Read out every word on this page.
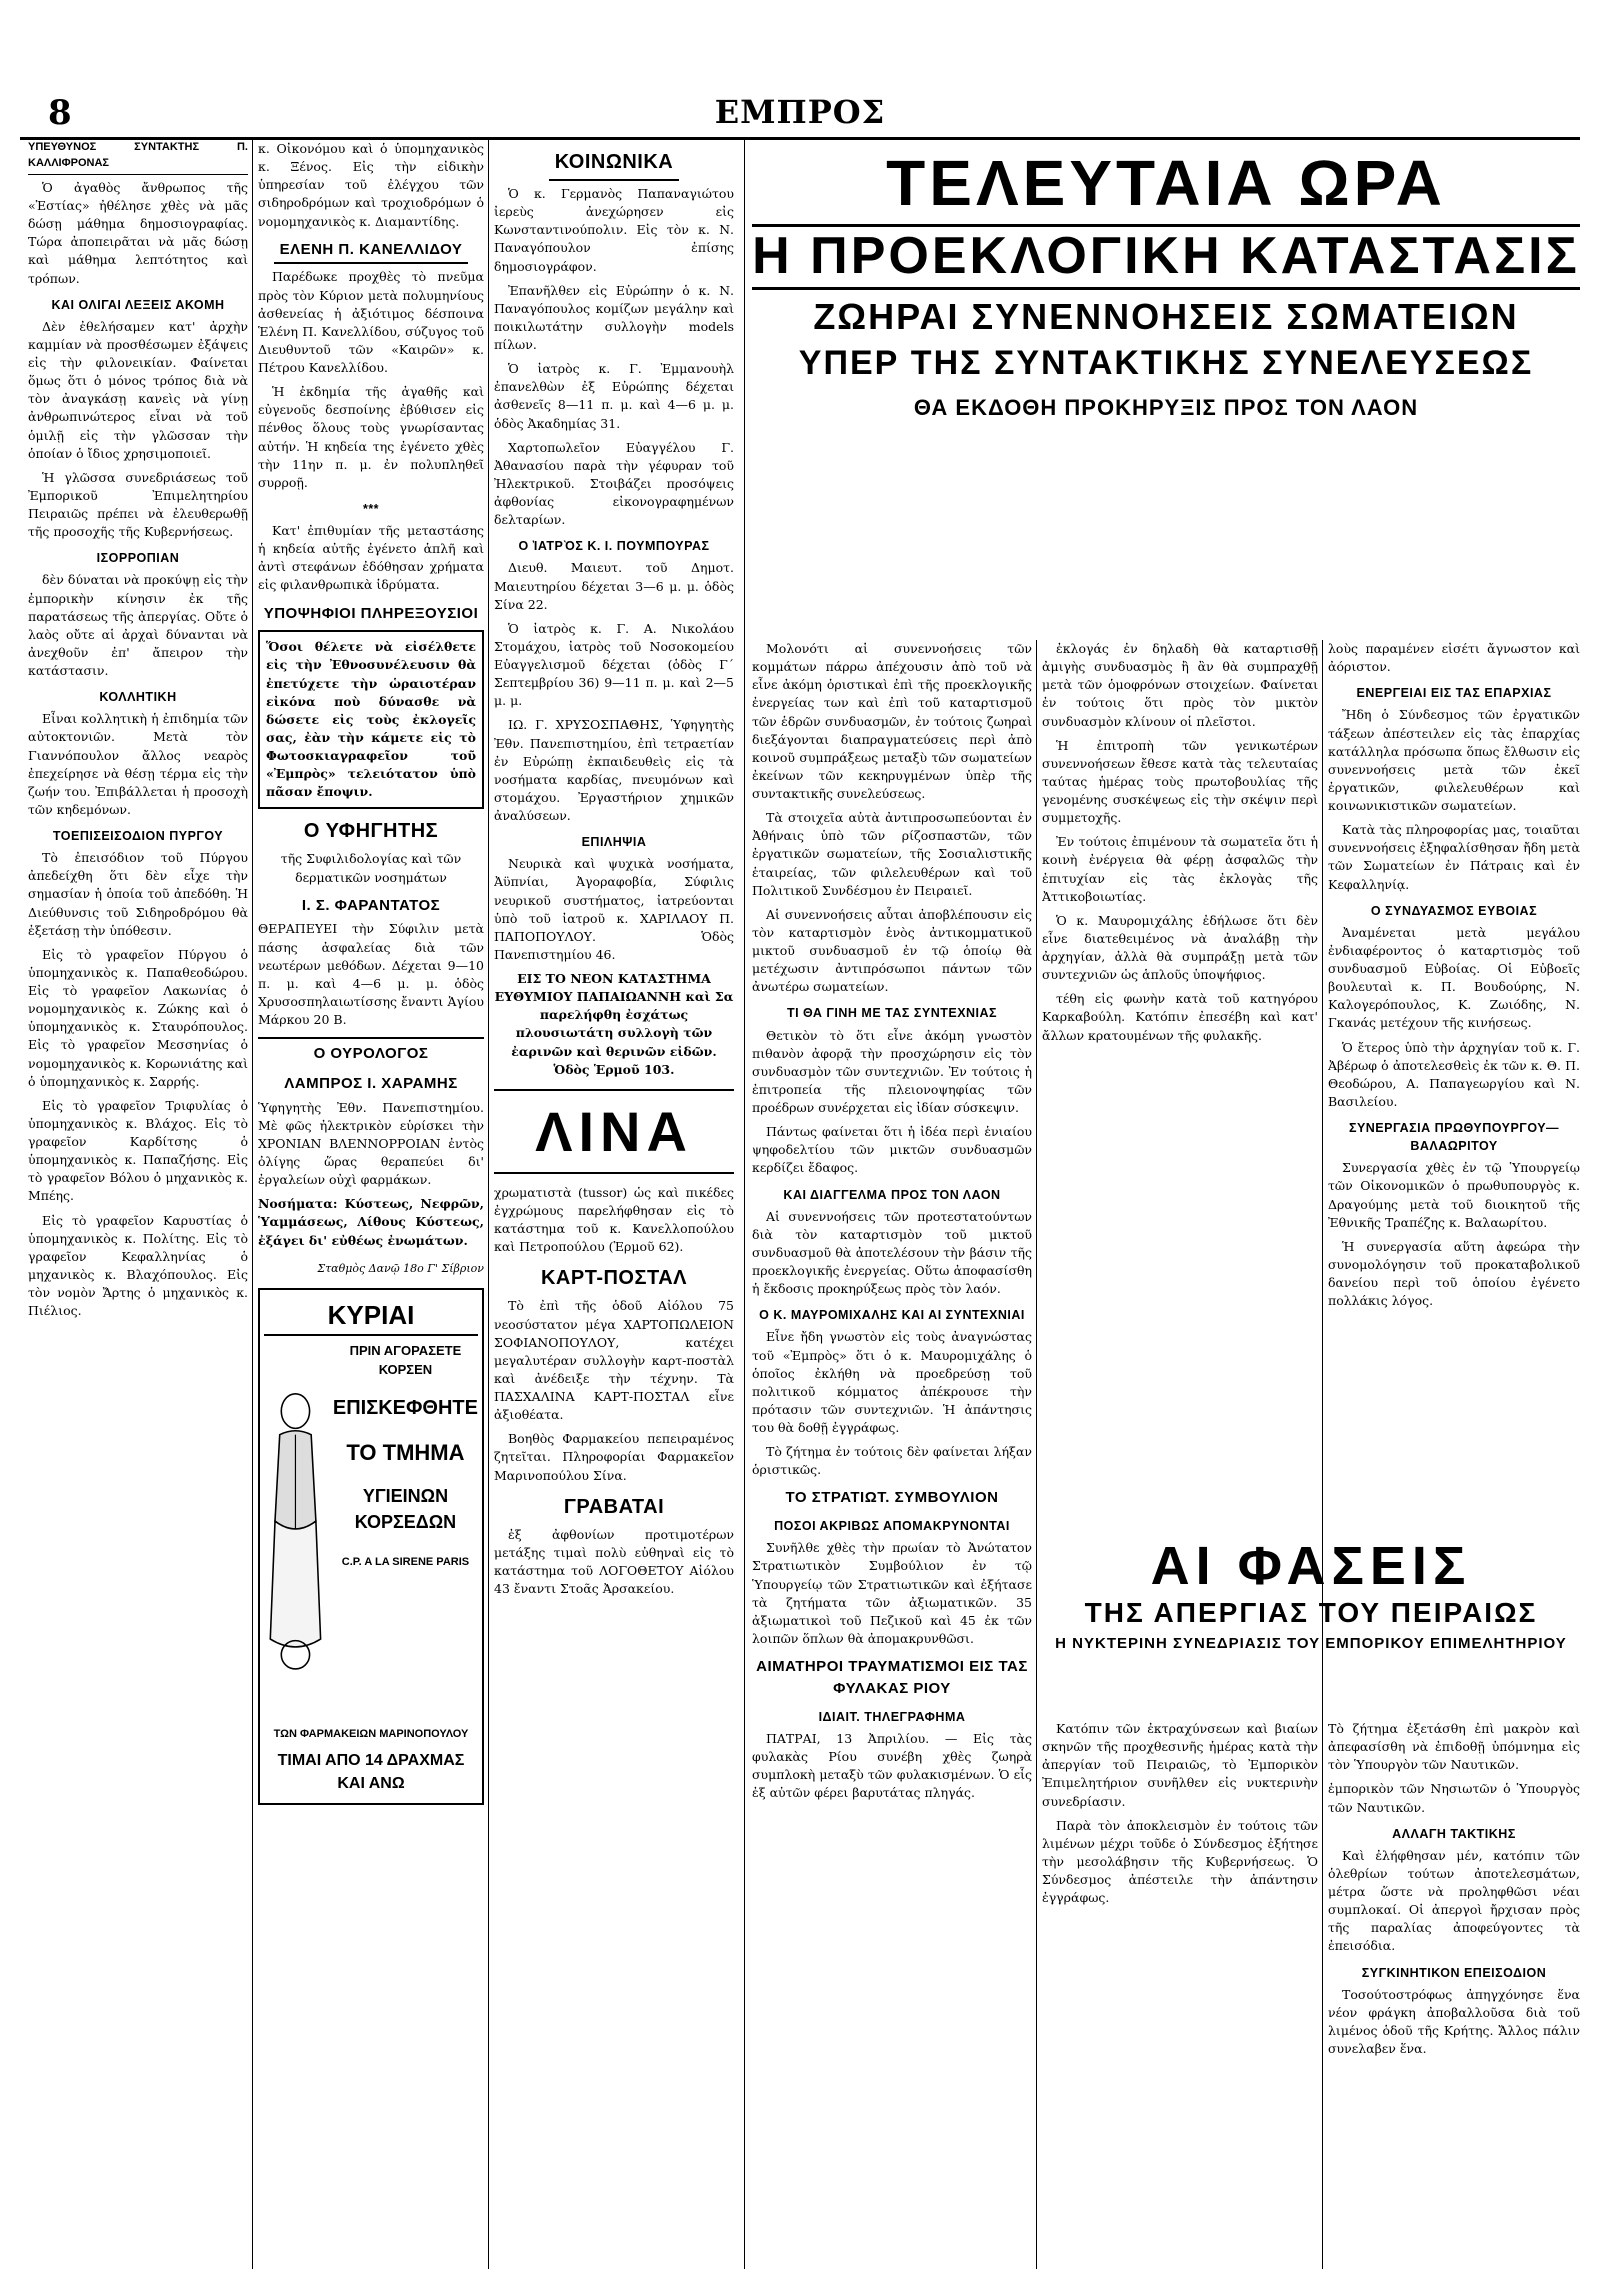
8	ΕΜΠΡΟΣ
ΥΠΕΥΘΥΝΟΣ ΣΥΝΤΑΚΤΗΣ Π. ΚΑΛΛΙΦΡΟΝΑΣ

Ὁ ἀγαθὸς ἄνθρωπος τῆς «Ἑστίας» ἠθέλησε χθὲς νὰ μᾶς δώσῃ μάθημα δημοσιογραφίας. Τώρα ἀποπειρᾶται νὰ μᾶς δώσῃ καὶ μάθημα λεπτότητος καὶ τρόπων.

ΚΑΙ ΟΛΙΓΑΙ ΛΕΞΕΙΣ ΑΚΟΜΗ

Δὲν ἐθελήσαμεν κατ' ἀρχὴν καμμίαν νὰ προσθέσωμεν ἐξάψεις εἰς τὴν φιλονεικίαν. Φαίνεται ὅμως ὅτι ὁ μόνος τρόπος διὰ νὰ τὸν ἀναγκάσῃ κανεὶς νὰ γίνῃ ἀνθρωπινώτερος εἶναι νὰ τοῦ ὁμιλῇ εἰς τὴν γλῶσσαν τὴν ὁποίαν ὁ ἴδιος χρησιμοποιεῖ.

Ἡ γλῶσσα συνεδριάσεως τοῦ Ἐμπορικοῦ Ἐπιμελητηρίου Πειραιῶς πρέπει νὰ ἐλευθερωθῇ τῆς προσοχῆς τῆς Κυβερνήσεως.

ΙΣΟΡΡΟΠΙΑΝ

δὲν δύναται νὰ προκύψῃ εἰς τὴν ἐμπορικὴν κίνησιν ἐκ τῆς παρατάσεως τῆς ἀπεργίας. Οὔτε ὁ λαὸς οὔτε αἱ ἀρχαὶ δύνανται νὰ ἀνεχθοῦν ἐπ' ἄπειρον τὴν κατάστασιν.

ΚΟΛΛΗΤΙΚΗ

Εἶναι κολλητικὴ ἡ ἐπιδημία τῶν αὐτοκτονιῶν. Μετὰ τὸν Γιαννόπουλον ἄλλος νεαρὸς ἐπεχείρησε νὰ θέσῃ τέρμα εἰς τὴν ζωήν του. Ἐπιβάλλεται ἡ προσοχὴ τῶν κηδεμόνων.

ΤΟΕΠΙΣΕΙΣΟΔΙΟΝ ΠΥΡΓΟΥ

Τὸ ἐπεισόδιον τοῦ Πύργου ἀπεδείχθη ὅτι δὲν εἶχε τὴν σημασίαν ἡ ὁποία τοῦ ἀπεδόθη. Ἡ Διεύθυνσις τοῦ Σιδηροδρόμου θὰ ἐξετάσῃ τὴν ὑπόθεσιν.

Εἰς τὸ γραφεῖον Πύργου ὁ ὑπομηχανικὸς κ. Παπαθεοδώρου. Εἰς τὸ γραφεῖον Λακωνίας ὁ νομομηχανικὸς κ. Ζώκης καὶ ὁ ὑπομηχανικὸς κ. Σταυρόπουλος. Εἰς τὸ γραφεῖον Μεσσηνίας ὁ νομομηχανικὸς κ. Κορωνιάτης καὶ ὁ ὑπομηχανικὸς κ. Σαρρής.

Εἰς τὸ γραφεῖον Τριφυλίας ὁ ὑπομηχανικὸς κ. Βλάχος. Εἰς τὸ γραφεῖον Καρδίτσης ὁ ὑπομηχανικὸς κ. Παπαζήσης. Εἰς τὸ γραφεῖον Βόλου ὁ μηχανικὸς κ. Μπέης.

Εἰς τὸ γραφεῖον Καρυστίας ὁ ὑπομηχανικὸς κ. Πολίτης. Εἰς τὸ γραφεῖον Κεφαλληνίας ὁ μηχανικὸς κ. Βλαχόπουλος. Εἰς τὸν νομὸν Ἄρτης ὁ μηχανικὸς κ. Πιέλιος.

κ. Οἰκονόμου καὶ ὁ ὑπομηχανικὸς κ. Ξένος. Εἰς τὴν εἰδικὴν ὑπηρεσίαν τοῦ ἐλέγχου τῶν σιδηροδρόμων καὶ τροχιοδρόμων ὁ νομομηχανικὸς κ. Διαμαντίδης.

ΕΛΕΝΗ Π. ΚΑΝΕΛΛΙΔΟΥ

Παρέδωκε προχθὲς τὸ πνεῦμα πρὸς τὸν Κύριον μετὰ πολυμηνίους ἀσθενείας ἡ ἀξιότιμος δέσποινα Ἑλένη Π. Κανελλίδου, σύζυγος τοῦ Διευθυντοῦ τῶν «Καιρῶν» κ. Πέτρου Κανελλίδου.

Ἡ ἐκδημία τῆς ἀγαθῆς καὶ εὐγενοῦς δεσποίνης ἐβύθισεν εἰς πένθος ὅλους τοὺς γνωρίσαντας αὐτήν. Ἡ κηδεία της ἐγένετο χθὲς τὴν 11ην π. μ. ἐν πολυπληθεῖ συρροῇ.

***

Κατ' ἐπιθυμίαν τῆς μεταστάσης ἡ κηδεία αὐτῆς ἐγένετο ἁπλῆ καὶ ἀντὶ στεφάνων ἐδόθησαν χρήματα εἰς φιλανθρωπικὰ ἱδρύματα.

ΥΠΟΨΗΦΙΟΙ ΠΛΗΡΕΞΟΥΣΙΟΙ
Ὅσοι θέλετε νὰ εἰσέλθετε εἰς τὴν Ἐθνοσυνέλευσιν θὰ ἐπετύχετε τὴν ὡραιοτέραν εἰκόνα ποὺ δύνασθε νὰ δώσετε εἰς τοὺς ἐκλογεῖς σας, ἐὰν τὴν κάμετε εἰς τὸ Φωτοσκιαγραφεῖον τοῦ «Ἐμπρὸς» τελειότατον ὑπὸ πᾶσαν ἔποψιν.
Ο ΥΦΗΓΗΤΗΣ

τῆς Συφιλιδολογίας καὶ τῶν δερματικῶν νοσημάτων

Ι. Σ. ΦΑΡΑΝΤΑΤΟΣ

ΘΕΡΑΠΕΥΕΙ τὴν Σύφιλιν μετὰ πάσης ἀσφαλείας διὰ τῶν νεωτέρων μεθόδων. Δέχεται 9—10 π. μ. καὶ 4—6 μ. μ. ὁδὸς Χρυσοσπηλαιωτίσσης ἔναντι Ἁγίου Μάρκου 20 Β.

Ο ΟΥΡΟΛΟΓΟΣ
ΛΑΜΠΡΟΣ Ι. ΧΑΡΑΜΗΣ

Ὑφηγητὴς Ἐθν. Πανεπιστημίου. Μὲ φῶς ἠλεκτρικὸν εὑρίσκει τὴν ΧΡΟΝΙΑΝ ΒΛΕΝΝΟΡΡΟΙΑΝ ἐντὸς ὀλίγης ὥρας θεραπεύει δι' ἐργαλείων οὐχὶ φαρμάκων.

Νοσήματα: Κύστεως, Νεφρῶν, Ὑαμμάσεως, Λίθους Κύστεως, ἐξάγει δι' εὐθέως ἐνωμάτων.

Σταθμὸς Δανῷ 18ο Γ' Σίβριον

ΚΥΡΙΑΙ
ΠΡΙΝ ΑΓΟΡΑΣΕΤΕ ΚΟΡΣΕΝ
ΕΠΙΣΚΕΦΘΗΤΕ
ΤΟ ΤΜΗΜΑ
ΥΓΙΕΙΝΩΝ ΚΟΡΣΕΔΩΝ
C.P. A LA SIRENE PARIS
ΤΩΝ ΦΑΡΜΑΚΕΙΩΝ ΜΑΡΙΝΟΠΟΥΛΟΥ
ΤΙΜΑΙ ΑΠΟ 14 ΔΡΑΧΜΑΣ ΚΑΙ ΑΝΩ
ΚΟΙΝΩΝΙΚΑ

Ὁ κ. Γερμανὸς Παπαναγιώτου ἰερεὺς ἀνεχώρησεν εἰς Κωνσταντινούπολιν. Εἰς τὸν κ. Ν. Παναγόπουλον ἐπίσης δημοσιογράφον.

Ἐπανῆλθεν εἰς Εὐρώπην ὁ κ. Ν. Παναγόπουλος κομίζων μεγάλην καὶ ποικιλωτάτην συλλογὴν models πίλων.

Ὁ ἰατρὸς κ. Γ. Ἐμμανουὴλ ἐπανελθὼν ἐξ Εὐρώπης δέχεται ἀσθενεῖς 8—11 π. μ. καὶ 4—6 μ. μ. ὁδὸς Ἀκαδημίας 31.

Χαρτοπωλεῖον Εὐαγγέλου Γ. Ἀθανασίου παρὰ τὴν γέφυραν τοῦ Ἠλεκτρικοῦ. Στοιβάζει προσόψεις ἀφθονίας εἰκονογραφημένων δελταρίων.

Ο ἸΑΤΡῸΣ Κ. Ι. ΠΟΥΜΠΟΥΡΑΣ

Διευθ. Μαιευτ. τοῦ Δημοτ. Μαιευτηρίου δέχεται 3—6 μ. μ. ὁδὸς Σίνα 22.

Ὁ ἰατρὸς κ. Γ. Α. Νικολάου Στομάχου, ἰατρὸς τοῦ Νοσοκομείου Εὐαγγελισμοῦ δέχεται (ὁδὸς Γ΄ Σεπτεμβρίου 36) 9—11 π. μ. καὶ 2—5 μ. μ.

ΙΩ. Γ. ΧΡΥΣΟΣΠΑΘΗΣ, Ὑφηγητὴς Ἐθν. Πανεπιστημίου, ἐπὶ τετραετίαν ἐν Εὐρώπῃ ἐκπαιδευθεὶς εἰς τὰ νοσήματα καρδίας, πνευμόνων καὶ στομάχου. Ἐργαστήριον χημικῶν ἀναλύσεων.

ΕΠΙΛΗΨΙΑ

Νευρικὰ καὶ ψυχικὰ νοσήματα, Ἀϋπνίαι, Ἀγοραφοβία, Σύφιλις νευρικοῦ συστήματος, ἰατρεύονται ὑπὸ τοῦ ἰατροῦ κ. ΧΑΡΙΛΑΟΥ Π. ΠΑΠΟΠΟΥΛΟΥ. Ὁδὸς Πανεπιστημίου 46.

ΕΙΣ ΤΟ ΝΕΟΝ ΚΑΤΑΣΤΗΜΑ ΕΥΘΥΜΙΟΥ ΠΑΠΑΙΩΑΝΝΗ καὶ Σα παρελήφθη ἐσχάτως πλουσιωτάτη συλλογὴ τῶν ἐαρινῶν καὶ θερινῶν εἰδῶν. Ὁδὸς Ἑρμοῦ 103.

ΛΙΝΑ

χρωματιστὰ (tussor) ὡς καὶ πικέδες ἐγχρώμους παρελήφθησαν εἰς τὸ κατάστημα τοῦ κ. Κανελλοπούλου καὶ Πετροπούλου (Ἑρμοῦ 62).

ΚΑΡΤ-ΠΟΣΤΑΛ

Τὸ ἐπὶ τῆς ὁδοῦ Αἰόλου 75 νεοσύστατον μέγα ΧΑΡΤΟΠΩΛΕΙΟΝ ΣΟΦΙΑΝΟΠΟΥΛΟΥ, κατέχει μεγαλυτέραν συλλογὴν καρτ-ποστὰλ καὶ ἀνέδειξε τὴν τέχνην. Τὰ ΠΑΣΧΑΛΙΝΑ ΚΑΡΤ-ΠΟΣΤΑΛ εἶνε ἀξιοθέατα.

Βοηθὸς Φαρμακείου πεπειραμένος ζητεῖται. Πληροφορίαι Φαρμακεῖον Μαρινοπούλου Σίνα.

ΓΡΑΒΑΤΑΙ

ἐξ ἀφθονίων προτιμοτέρων μετάξης τιμαὶ πολὺ εὐθηναὶ εἰς τὸ κατάστημα τοῦ ΛΟΓΟΘΕΤΟΥ Αἰόλου 43 ἔναντι Στοᾶς Ἀρσακείου.

ΤΕΛΕΥΤΑΙΑ ΩΡΑ
Η ΠΡΟΕΚΛΟΓΙΚΗ ΚΑΤΑΣΤΑΣΙΣ
ΖΩΗΡΑΙ ΣΥΝΕΝΝΟΗΣΕΙΣ ΣΩΜΑΤΕΙΩΝ
ΥΠΕΡ ΤΗΣ ΣΥΝΤΑΚΤΙΚΗΣ ΣΥΝΕΛΕΥΣΕΩΣ
ΘΑ ΕΚΔΟΘΗ ΠΡΟΚΗΡΥΞΙΣ ΠΡΟΣ ΤΟΝ ΛΑΟΝ

Μολονότι αἱ συνεννοήσεις τῶν κομμάτων πάρρω ἀπέχουσιν ἀπὸ τοῦ νὰ εἶνε ἀκόμη ὁριστικαὶ ἐπὶ τῆς προεκλογικῆς ἐνεργείας των καὶ ἐπὶ τοῦ καταρτισμοῦ τῶν ἑδρῶν συνδυασμῶν, ἐν τούτοις ζωηραὶ διεξάγονται διαπραγματεύσεις περὶ ἀπὸ κοινοῦ συμπράξεως μεταξὺ τῶν σωματείων ἐκείνων τῶν κεκηρυγμένων ὑπὲρ τῆς συντακτικῆς συνελεύσεως.

Τὰ στοιχεῖα αὐτὰ ἀντιπροσωπεύονται ἐν Ἀθήναις ὑπὸ τῶν ρίζοσπαστῶν, τῶν ἐργατικῶν σωματείων, τῆς Σοσιαλιστικῆς ἑταιρείας, τῶν φιλελευθέρων καὶ τοῦ Πολιτικοῦ Συνδέσμου ἐν Πειραιεῖ.

Αἱ συνεννοήσεις αὗται ἀποβλέπουσιν εἰς τὸν καταρτισμὸν ἑνὸς ἀντικομματικοῦ μικτοῦ συνδυασμοῦ ἐν τῷ ὁποίῳ θὰ μετέχωσιν ἀντιπρόσωποι πάντων τῶν ἀνωτέρω σωματείων.

ΤΙ ΘΑ ΓΙΝΗ ΜΕ ΤΑΣ ΣΥΝΤΕΧΝΙΑΣ

Θετικὸν τὸ ὅτι εἶνε ἀκόμη γνωστὸν πιθανὸν ἀφορᾷ τὴν προσχώρησιν εἰς τὸν συνδυασμὸν τῶν συντεχνιῶν. Ἐν τούτοις ἡ ἐπιτροπεία τῆς πλειονοψηφίας τῶν προέδρων συνέρχεται εἰς ἰδίαν σύσκεψιν.

Πάντως φαίνεται ὅτι ἡ ἰδέα περὶ ἑνιαίου ψηφοδελτίου τῶν μικτῶν συνδυασμῶν κερδίζει ἔδαφος.

ΚΑΙ ΔΙΑΓΓΕΛΜΑ ΠΡΟΣ ΤΟΝ ΛΑΟΝ

Αἱ συνεννοήσεις τῶν προτεστατούντων διὰ τὸν καταρτισμὸν τοῦ μικτοῦ συνδυασμοῦ θὰ ἀποτελέσουν τὴν βάσιν τῆς προεκλογικῆς ἐνεργείας. Οὕτω ἀποφασίσθη ἡ ἔκδοσις προκηρύξεως πρὸς τὸν λαόν.

Ο Κ. ΜΑΥΡΟΜΙΧΑΛΗΣ ΚΑΙ ΑΙ ΣΥΝΤΕΧΝΙΑΙ

Εἶνε ἤδη γνωστὸν εἰς τοὺς ἀναγνώστας τοῦ «Ἐμπρὸς» ὅτι ὁ κ. Μαυρομιχάλης ὁ ὁποῖος ἐκλήθη νὰ προεδρεύσῃ τοῦ πολιτικοῦ κόμματος ἀπέκρουσε τὴν πρότασιν τῶν συντεχνιῶν. Ἡ ἀπάντησις του θὰ δοθῇ ἐγγράφως.

Τὸ ζήτημα ἐν τούτοις δὲν φαίνεται λήξαν ὁριστικῶς.

ΤΟ ΣΤΡΑΤΙΩΤ. ΣΥΜΒΟΥΛΙΟΝ
ΠΟΣΟΙ ΑΚΡΙΒΩΣ ΑΠΟΜΑΚΡΥΝΟΝΤΑΙ

Συνῆλθε χθὲς τὴν πρωίαν τὸ Ἀνώτατον Στρατιωτικὸν Συμβούλιον ἐν τῷ Ὑπουργείῳ τῶν Στρατιωτικῶν καὶ ἐξήτασε τὰ ζητήματα τῶν ἀξιωματικῶν. 35 ἀξιωματικοὶ τοῦ Πεζικοῦ καὶ 45 ἐκ τῶν λοιπῶν ὅπλων θὰ ἀπομακρυνθῶσι.

ΑΙΜΑΤΗΡΟΙ ΤΡΑΥΜΑΤΙΣΜΟΙ ΕΙΣ ΤΑΣ ΦΥΛΑΚΑΣ ΡΙΟΥ
ΙΔΙΑΙΤ. ΤΗΛΕΓΡΑΦΗΜΑ

ΠΑΤΡΑΙ, 13 Ἀπριλίου. — Εἰς τὰς φυλακὰς Ρίου συνέβη χθὲς ζωηρὰ συμπλοκὴ μεταξὺ τῶν φυλακισμένων. Ὁ εἷς ἐξ αὐτῶν φέρει βαρυτάτας πληγάς.

ἐκλογάς ἐν δηλαδὴ θὰ καταρτισθῇ ἀμιγὴς συνδυασμὸς ἢ ἂν θὰ συμπραχθῇ μετὰ τῶν ὁμοφρόνων στοιχείων. Φαίνεται ἐν τούτοις ὅτι πρὸς τὸν μικτὸν συνδυασμὸν κλίνουν οἱ πλεῖστοι.

Ἡ ἐπιτροπὴ τῶν γενικωτέρων συνεννοήσεων ἔθεσε κατὰ τὰς τελευταίας ταύτας ἡμέρας τοὺς πρωτοβουλίας τῆς γενομένης συσκέψεως εἰς τὴν σκέψιν περὶ συμμετοχῆς.

Ἐν τούτοις ἐπιμένουν τὰ σωματεῖα ὅτι ἡ κοινὴ ἐνέργεια θὰ φέρῃ ἀσφαλῶς τὴν ἐπιτυχίαν εἰς τὰς ἐκλογὰς τῆς Ἀττικοβοιωτίας.

Ὁ κ. Μαυρομιχάλης ἐδήλωσε ὅτι δὲν εἶνε διατεθειμένος νὰ ἀναλάβῃ τὴν ἀρχηγίαν, ἀλλὰ θὰ συμπράξῃ μετὰ τῶν συντεχνιῶν ὡς ἁπλοῦς ὑποψήφιος.

τέθη εἰς φωνὴν κατὰ τοῦ κατηγόρου Καρκαβούλη. Κατόπιν ἐπεσέβη καὶ κατ' ἄλλων κρατουμένων τῆς φυλακῆς.

λοὺς παραμένεν εἰσέτι ἄγνωστον καὶ ἀόριστον.

ΕΝΕΡΓΕΙΑΙ ΕΙΣ ΤΑΣ ΕΠΑΡΧΙΑΣ

Ἤδη ὁ Σύνδεσμος τῶν ἐργατικῶν τάξεων ἀπέστειλεν εἰς τὰς ἐπαρχίας κατάλληλα πρόσωπα ὅπως ἔλθωσιν εἰς συνεννοήσεις μετὰ τῶν ἐκεῖ ἐργατικῶν, φιλελευθέρων καὶ κοινωνικιστικῶν σωματείων.

Κατὰ τὰς πληροφορίας μας, τοιαῦται συνεννοήσεις ἐξηφαλίσθησαν ἤδη μετὰ τῶν Σωματείων ἐν Πάτραις καὶ ἐν Κεφαλληνίᾳ.

Ο ΣΥΝΔΥΑΣΜΟΣ ΕΥΒΟΙΑΣ

Ἀναμένεται μετὰ μεγάλου ἐνδιαφέροντος ὁ καταρτισμὸς τοῦ συνδυασμοῦ Εὐβοίας. Οἱ Εὐβοεῖς βουλευταὶ κ. Π. Βουδούρης, Ν. Καλογερόπουλος, Κ. Ζωιόδης, Ν. Γκανάς μετέχουν τῆς κινήσεως.

Ὁ ἔτερος ὑπὸ τὴν ἀρχηγίαν τοῦ κ. Γ. Ἀβέρωφ ὁ ἀποτελεσθεὶς ἐκ τῶν κ. Θ. Π. Θεοδώρου, Α. Παπαγεωργίου καὶ Ν. Βασιλείου.

ΣΥΝΕΡΓΑΣΙΑ ΠΡΩΘΥΠΟΥΡΓΟΥ—ΒΑΛΑΩΡΙΤΟΥ

Συνεργασία χθὲς ἐν τῷ Ὑπουργείῳ τῶν Οἰκονομικῶν ὁ πρωθυπουργὸς κ. Δραγούμης μετὰ τοῦ διοικητοῦ τῆς Ἐθνικῆς Τραπέζης κ. Βαλαωρίτου.

Ἡ συνεργασία αὕτη ἀφεώρα τὴν συνομολόγησιν τοῦ προκαταβολικοῦ δανείου περὶ τοῦ ὁποίου ἐγένετο πολλάκις λόγος.

ΑΙ ΦΑΣΕΙΣ
ΤΗΣ ΑΠΕΡΓΙΑΣ ΤΟΥ ΠΕΙΡΑΙΩΣ
Η ΝΥΚΤΕΡΙΝΗ ΣΥΝΕΔΡΙΑΣΙΣ ΤΟΥ ΕΜΠΟΡΙΚΟΥ ΕΠΙΜΕΛΗΤΗΡΙΟΥ

Κατόπιν τῶν ἐκτραχύνσεων καὶ βιαίων σκηνῶν τῆς προχθεσινῆς ἡμέρας κατὰ τὴν ἀπεργίαν τοῦ Πειραιῶς, τὸ Ἐμπορικὸν Ἐπιμελητήριον συνῆλθεν εἰς νυκτερινὴν συνεδρίασιν.

Παρὰ τὸν ἀποκλεισμὸν ἐν τούτοις τῶν λιμένων μέχρι τοῦδε ὁ Σύνδεσμος ἐξήτησε τὴν μεσολάβησιν τῆς Κυβερνήσεως. Ὁ Σύνδεσμος ἀπέστειλε τὴν ἀπάντησιν ἐγγράφως.

Τὸ ζήτημα ἐξετάσθη ἐπὶ μακρὸν καὶ ἀπεφασίσθη νὰ ἐπιδοθῇ ὑπόμνημα εἰς τὸν Ὑπουργὸν τῶν Ναυτικῶν.

ἐμπορικὸν τῶν Νησιωτῶν ὁ Ὑπουργὸς τῶν Ναυτικῶν.

ΑΛΛΑΓΗ ΤΑΚΤΙΚΗΣ

Καὶ ἐλήφθησαν μέν, κατόπιν τῶν ὁλεθρίων τούτων ἀποτελεσμάτων, μέτρα ὥστε νὰ προληφθῶσι νέαι συμπλοκαί. Οἱ ἀπεργοὶ ἤρχισαν πρὸς τῆς παραλίας ἀποφεύγοντες τὰ ἐπεισόδια.

ΣΥΓΚΙΝΗΤΙΚΟΝ ΕΠΕΙΣΟΔΙΟΝ

Τοσούτοστρόφως ἀπηγχόνησε ἕνα νέον φράγκη ἀποβαλλοῦσα διὰ τοῦ λιμένος ὁδοῦ τῆς Κρήτης. Ἄλλος πάλιν συνελαβεν ἕνα.
